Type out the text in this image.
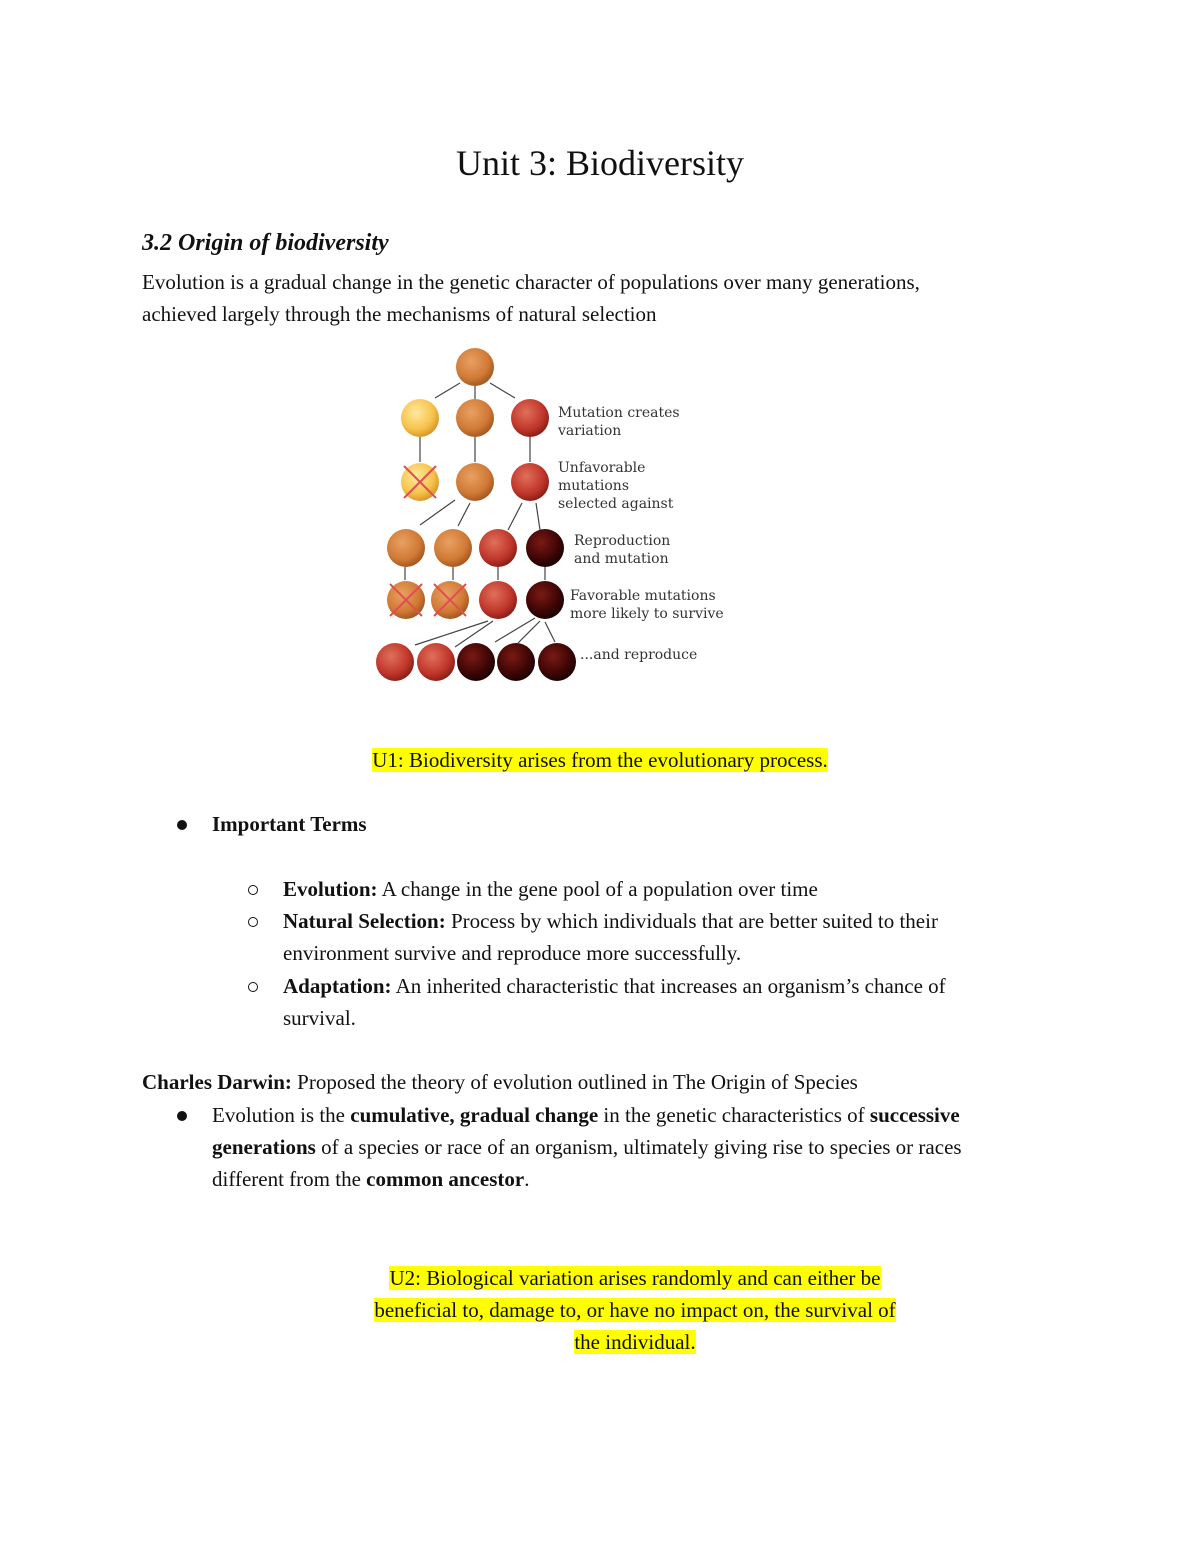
Unit 3: Biodiversity
3.2 Origin of biodiversity
Evolution is a gradual change in the genetic character of populations over many generations,
achieved largely through the mechanisms of natural selection
Mutation creates
variation
Unfavorable
mutations
selected against
Reproduction
and mutation
Favorable mutations
more likely to survive
...and reproduce
U1: Biodiversity arises from the evolutionary process.
Important Terms
Evolution: A change in the gene pool of a population over time
Natural Selection: Process by which individuals that are better suited to their
environment survive and reproduce more successfully.
Adaptation: An inherited characteristic that increases an organism’s chance of
survival.
Charles Darwin: Proposed the theory of evolution outlined in The Origin of Species
Evolution is the cumulative, gradual change in the genetic characteristics of successive
generations of a species or race of an organism, ultimately giving rise to species or races
different from the common ancestor.
U2: Biological variation arises randomly and can either be
beneficial to, damage to, or have no impact on, the survival of
the individual.
